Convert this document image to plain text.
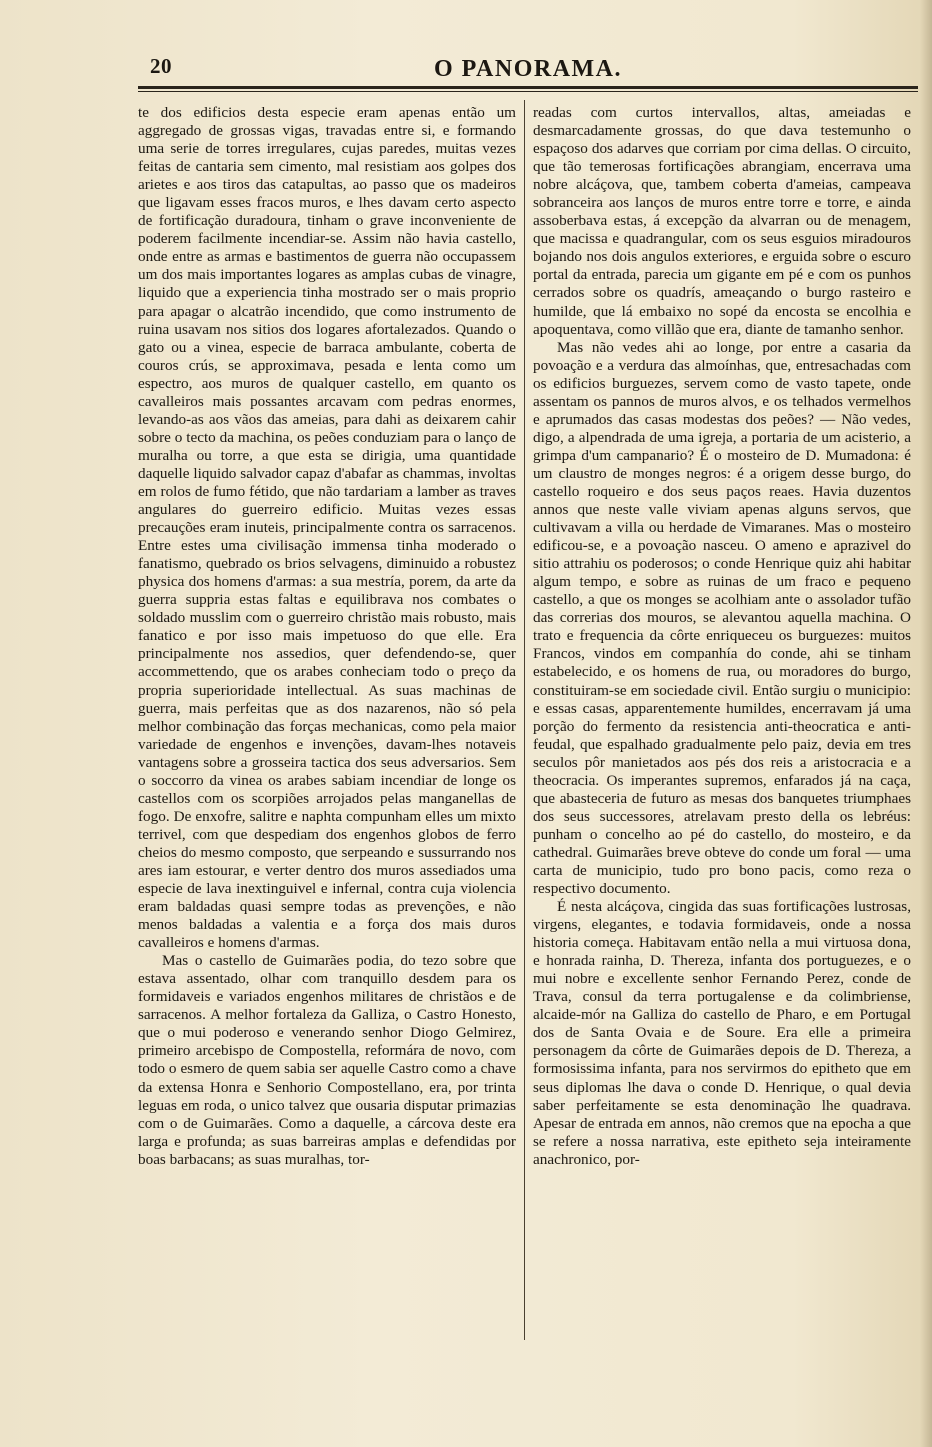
20	O PANORAMA.

te dos edificios desta especie eram apenas então um aggregado de grossas vigas, travadas entre si, e formando uma serie de torres irregulares, cujas paredes, muitas vezes feitas de cantaria sem cimento, mal resistiam aos golpes dos arietes e aos tiros das catapultas, ao passo que os madeiros que ligavam esses fracos muros, e lhes davam certo aspecto de fortificação duradoura, tinham o grave inconveniente de poderem facilmente incendiar-se. Assim não havia castello, onde entre as armas e bastimentos de guerra não occupassem um dos mais importantes logares as amplas cubas de vinagre, liquido que a experiencia tinha mostrado ser o mais proprio para apagar o alcatrão incendido, que como instrumento de ruina usavam nos sitios dos logares afortalezados. Quando o gato ou a vinea, especie de barraca ambulante, coberta de couros crús, se approximava, pesada e lenta como um espectro, aos muros de qualquer castello, em quanto os cavalleiros mais possantes arcavam com pedras enormes, levando-as aos vãos das ameias, para dahi as deixarem cahir sobre o tecto da machina, os peões conduziam para o lanço de muralha ou torre, a que esta se dirigia, uma quantidade daquelle liquido salvador capaz d'abafar as chammas, involtas em rolos de fumo fétido, que não tardariam a lamber as traves angulares do guerreiro edificio. Muitas vezes essas precauções eram inuteis, principalmente contra os sarracenos. Entre estes uma civilisação immensa tinha moderado o fanatismo, quebrado os brios selvagens, diminuido a robustez physica dos homens d'armas: a sua mestría, porem, da arte da guerra suppria estas faltas e equilibrava nos combates o soldado musslim com o guerreiro christão mais robusto, mais fanatico e por isso mais impetuoso do que elle. Era principalmente nos assedios, quer defendendo-se, quer accommettendo, que os arabes conheciam todo o preço da propria superioridade intellectual. As suas machinas de guerra, mais perfeitas que as dos nazarenos, não só pela melhor combinação das forças mechanicas, como pela maior variedade de engenhos e invenções, davam-lhes notaveis vantagens sobre a grosseira tactica dos seus adversarios. Sem o soccorro da vinea os arabes sabiam incendiar de longe os castellos com os scorpiões arrojados pelas manganellas de fogo. De enxofre, salitre e naphta compunham elles um mixto terrivel, com que despediam dos engenhos globos de ferro cheios do mesmo composto, que serpeando e sussurrando nos ares iam estourar, e verter dentro dos muros assediados uma especie de lava inextinguivel e infernal, contra cuja violencia eram baldadas quasi sempre todas as prevenções, e não menos baldadas a valentia e a força dos mais duros cavalleiros e homens d'armas.

Mas o castello de Guimarães podia, do tezo sobre que estava assentado, olhar com tranquillo desdem para os formidaveis e variados engenhos militares de christãos e de sarracenos. A melhor fortaleza da Galliza, o Castro Honesto, que o mui poderoso e venerando senhor Diogo Gelmirez, primeiro arcebispo de Compostella, reformára de novo, com todo o esmero de quem sabia ser aquelle Castro como a chave da extensa Honra e Senhorio Compostellano, era, por trinta leguas em roda, o unico talvez que ousaria disputar primazias com o de Guimarães. Como a daquelle, a cárcova deste era larga e profunda; as suas barreiras amplas e defendidas por boas barbacans; as suas muralhas, tor-

readas com curtos intervallos, altas, ameiadas e desmarcadamente grossas, do que dava testemunho o espaçoso dos adarves que corriam por cima dellas. O circuito, que tão temerosas fortificações abrangiam, encerrava uma nobre alcáçova, que, tambem coberta d'ameias, campeava sobranceira aos lanços de muros entre torre e torre, e ainda assoberbava estas, á excepção da alvarran ou de menagem, que macissa e quadrangular, com os seus esguios miradouros bojando nos dois angulos exteriores, e erguida sobre o escuro portal da entrada, parecia um gigante em pé e com os punhos cerrados sobre os quadrís, ameaçando o burgo rasteiro e humilde, que lá embaixo no sopé da encosta se encolhia e apoquentava, como villão que era, diante de tamanho senhor.

Mas não vedes ahi ao longe, por entre a casaria da povoação e a verdura das almoínhas, que, entresachadas com os edificios burguezes, servem como de vasto tapete, onde assentam os pannos de muros alvos, e os telhados vermelhos e aprumados das casas modestas dos peões? — Não vedes, digo, a alpendrada de uma igreja, a portaria de um acisterio, a grimpa d'um campanario? É o mosteiro de D. Mumadona: é um claustro de monges negros: é a origem desse burgo, do castello roqueiro e dos seus paços reaes. Havia duzentos annos que neste valle viviam apenas alguns servos, que cultivavam a villa ou herdade de Vimaranes. Mas o mosteiro edificou-se, e a povoação nasceu. O ameno e aprazivel do sitio attrahiu os poderosos; o conde Henrique quiz ahi habitar algum tempo, e sobre as ruinas de um fraco e pequeno castello, a que os monges se acolhiam ante o assolador tufão das correrias dos mouros, se alevantou aquella machina. O trato e frequencia da côrte enriqueceu os burguezes: muitos Francos, vindos em companhía do conde, ahi se tinham estabelecido, e os homens de rua, ou moradores do burgo, constituiram-se em sociedade civil. Então surgiu o municipio: e essas casas, apparentemente humildes, encerravam já uma porção do fermento da resistencia anti-theocratica e anti-feudal, que espalhado gradualmente pelo paiz, devia em tres seculos pôr manietados aos pés dos reis a aristocracia e a theocracia. Os imperantes supremos, enfarados já na caça, que abasteceria de futuro as mesas dos banquetes triumphaes dos seus successores, atrelavam presto della os lebréus: punham o concelho ao pé do castello, do mosteiro, e da cathedral. Guimarães breve obteve do conde um foral — uma carta de municipio, tudo pro bono pacis, como reza o respectivo documento.

É nesta alcáçova, cingida das suas fortificações lustrosas, virgens, elegantes, e todavia formidaveis, onde a nossa historia começa. Habitavam então nella a mui virtuosa dona, e honrada rainha, D. Thereza, infanta dos portuguezes, e o mui nobre e excellente senhor Fernando Perez, conde de Trava, consul da terra portugalense e da colimbriense, alcaide-mór na Galliza do castello de Pharo, e em Portugal dos de Santa Ovaia e de Soure. Era elle a primeira personagem da côrte de Guimarães depois de D. Thereza, a formosissima infanta, para nos servirmos do epitheto que em seus diplomas lhe dava o conde D. Henrique, o qual devia saber perfeitamente se esta denominação lhe quadrava. Apesar de entrada em annos, não cremos que na epocha a que se refere a nossa narrativa, este epitheto seja inteiramente anachronico, por-
